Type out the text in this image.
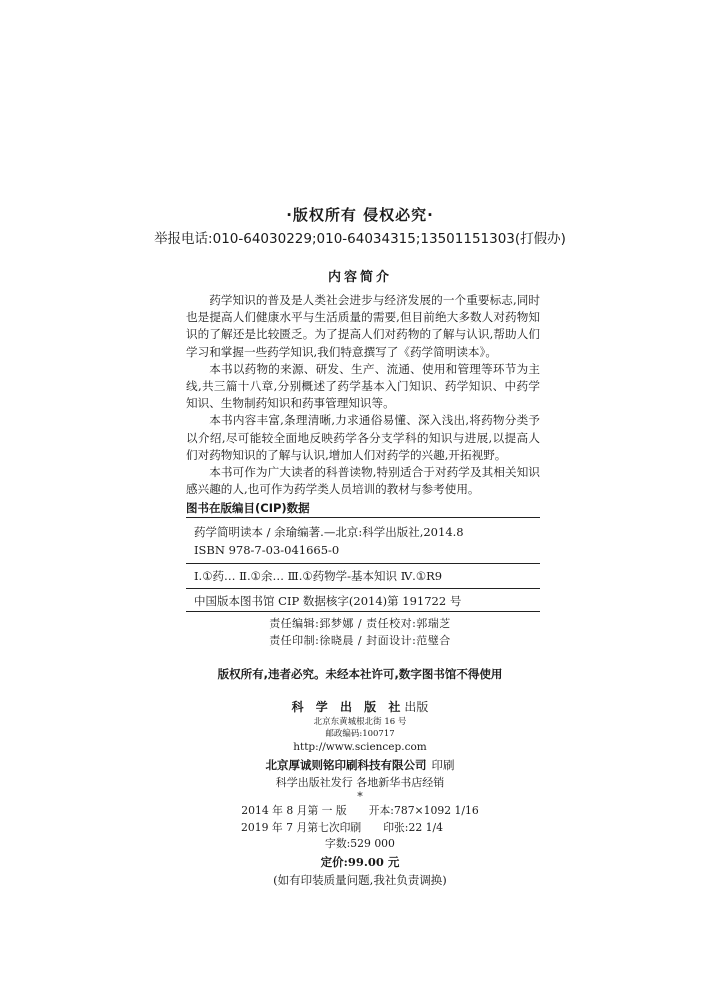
·版权所有 侵权必究·
举报电话:010-64030229;010-64034315;13501151303(打假办)
内容简介

药学知识的普及是人类社会进步与经济发展的一个重要标志,同时也是提高人们健康水平与生活质量的需要,但目前绝大多数人对药物知识的了解还是比较匮乏。为了提高人们对药物的了解与认识,帮助人们学习和掌握一些药学知识,我们特意撰写了《药学简明读本》。

本书以药物的来源、研发、生产、流通、使用和管理等环节为主线,共三篇十八章,分别概述了药学基本入门知识、药学知识、中药学知识、生物制药知识和药事管理知识等。

本书内容丰富,条理清晰,力求通俗易懂、深入浅出,将药物分类予以介绍,尽可能较全面地反映药学各分支学科的知识与进展,以提高人们对药物知识的了解与认识,增加人们对药学的兴趣,开拓视野。

本书可作为广大读者的科普读物,特别适合于对药学及其相关知识感兴趣的人,也可作为药学类人员培训的教材与参考使用。

图书在版编目(CIP)数据
药学简明读本 / 余瑜编著.—北京:科学出版社,2014.8
ISBN 978-7-03-041665-0
Ⅰ.①药… Ⅱ.①余… Ⅲ.①药物学-基本知识 Ⅳ.①R9
中国版本图书馆 CIP 数据核字(2014)第 191722 号
责任编辑:郅梦娜 / 责任校对:郭瑞芝
责任印制:徐晓晨 / 封面设计:范璧合
版权所有,违者必究。未经本社许可,数字图书馆不得使用
科 学 出 版 社出版
北京东黄城根北街 16 号
邮政编码:100717
http://www.sciencep.com
北京厚诚则铭印刷科技有限公司 印刷
科学出版社发行 各地新华书店经销
*
2014 年 8 月第 一 版 开本:787×1092 1/16
2019 年 7 月第七次印刷 印张:22 1/4
字数:529 000
定价:99.00 元
(如有印装质量问题,我社负责调换)
